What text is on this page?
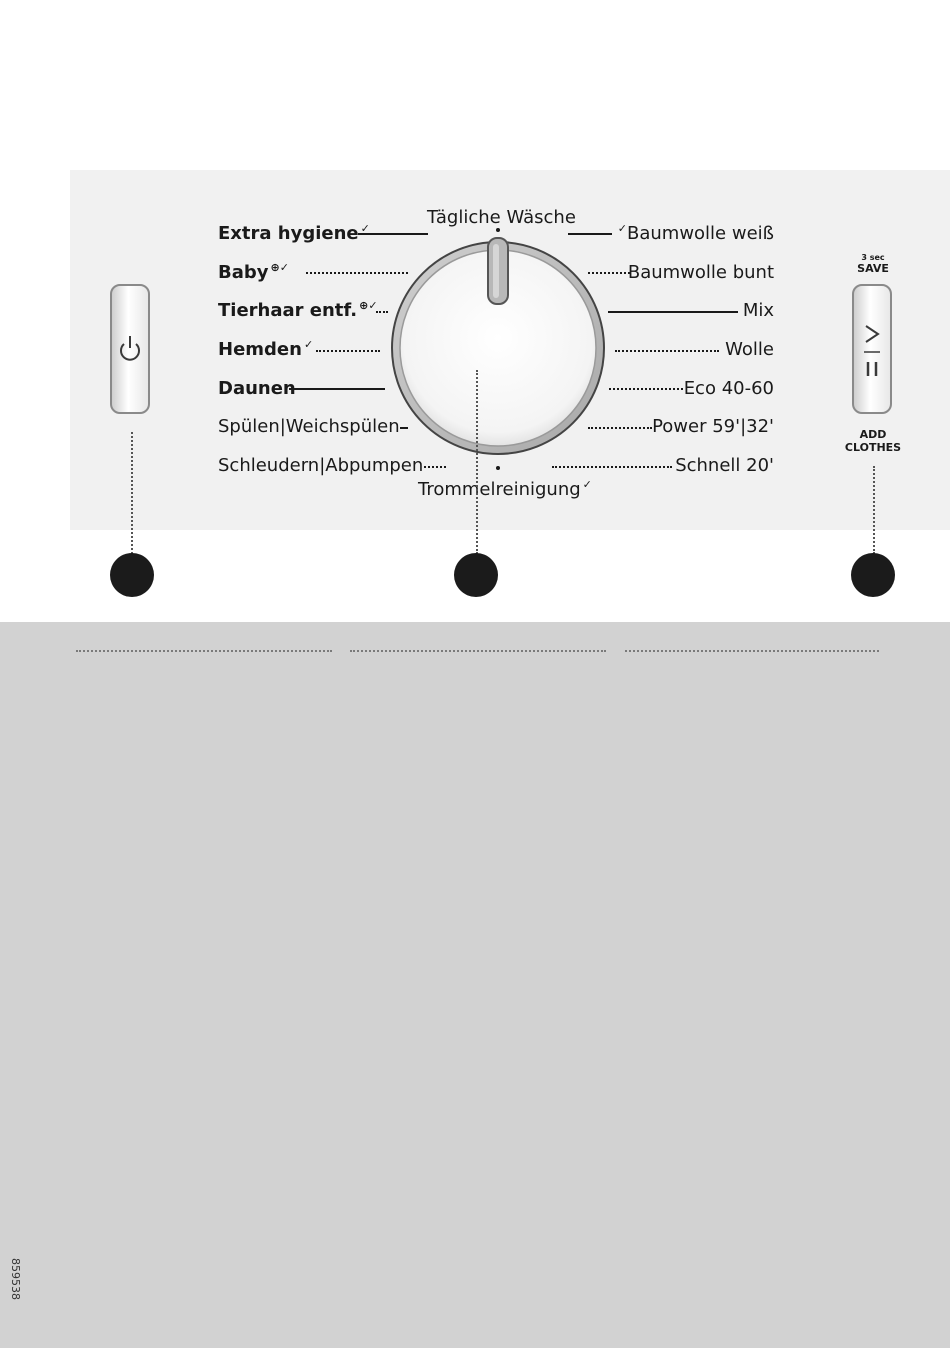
Extra hygiene ✓
Baby ⊕✓
Tierhaar entf. ⊕✓
Hemden ✓
Daunen
Spülen|Weichspülen
Schleudern|Abpumpen
✓Baumwolle weiß
Baumwolle bunt
Mix
Wolle
Eco 40-60
Power 59'|32'
Schnell 20'
Tägliche Wäsche
Trommelreinigung ✓
3 sec
SAVE
ADD
CLOTHES
859538
